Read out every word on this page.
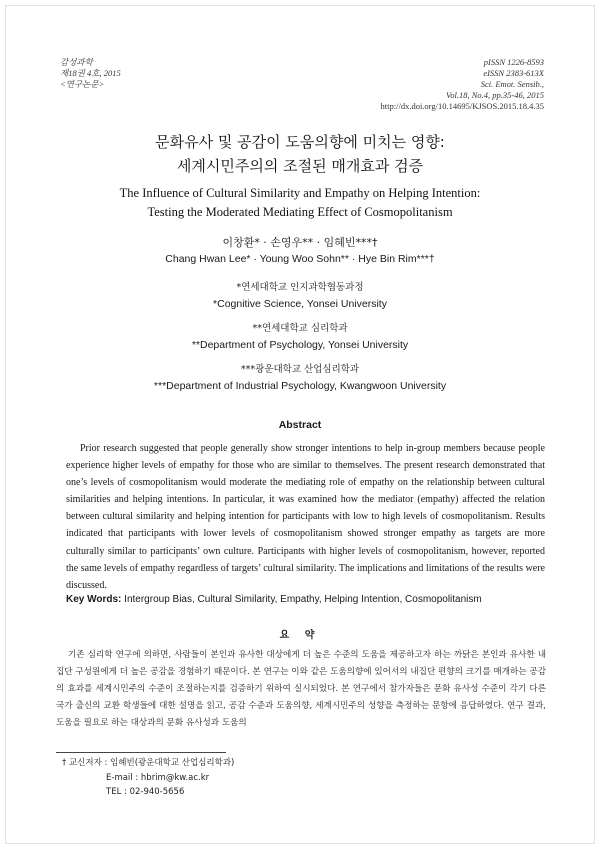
감성과학
제18권 4호, 2015
<연구논문>
pISSN 1226-8593
eISSN 2383-613X
Sci. Emot. Sensib.,
Vol.18, No.4, pp.35-46, 2015
http://dx.doi.org/10.14695/KJSOS.2015.18.4.35
문화유사 및 공감이 도움의향에 미치는 영향:
세계시민주의의 조절된 매개효과 검증
The Influence of Cultural Similarity and Empathy on Helping Intention:
Testing the Moderated Mediating Effect of Cosmopolitanism
이창환* · 손영우** · 임혜빈***†
Chang Hwan Lee* · Young Woo Sohn** · Hye Bin Rim***†
*연세대학교 인지과학협동과정
*Cognitive Science, Yonsei University
**연세대학교 심리학과
**Department of Psychology, Yonsei University
***광운대학교 산업심리학과
***Department of Industrial Psychology, Kwangwoon University
Abstract

Prior research suggested that people generally show stronger intentions to help in-group members because people experience higher levels of empathy for those who are similar to themselves. The present research demonstrated that one’s levels of cosmopolitanism would moderate the mediating role of empathy on the relationship between cultural similarities and helping intentions. In particular, it was examined how the mediator (empathy) affected the relation between cultural similarity and helping intention for participants with low to high levels of cosmopolitanism. Results indicated that participants with lower levels of cosmopolitanism showed stronger empathy as targets are more culturally similar to participants’ own culture. Participants with higher levels of cosmopolitanism, however, reported the same levels of empathy regardless of targets’ cultural similarity. The implications and limitations of the results were discussed.

Key Words: Intergroup Bias, Cultural Similarity, Empathy, Helping Intention, Cosmopolitanism
요 약

기존 심리학 연구에 의하면, 사람들이 본인과 유사한 대상에게 더 높은 수준의 도움을 제공하고자 하는 까닭은 본인과 유사한 내집단 구성원에게 더 높은 공감을 경험하기 때문이다. 본 연구는 이와 같은 도움의향에 있어서의 내집단 편향의 크기를 매개하는 공감의 효과를 세계시민주의 수준이 조절하는지를 검증하기 위하여 실시되었다. 본 연구에서 참가자들은 문화 유사성 수준이 각기 다른 국가 출신의 교환 학생들에 대한 설명을 읽고, 공감 수준과 도움의향, 세계시민주의 성향을 측정하는 문항에 응답하였다. 연구 결과, 도움을 필요로 하는 대상과의 문화 유사성과 도움의

† 교신저자 : 임혜빈(광운대학교 산업심리학과)
E-mail : hbrim@kw.ac.kr
TEL : 02-940-5656
